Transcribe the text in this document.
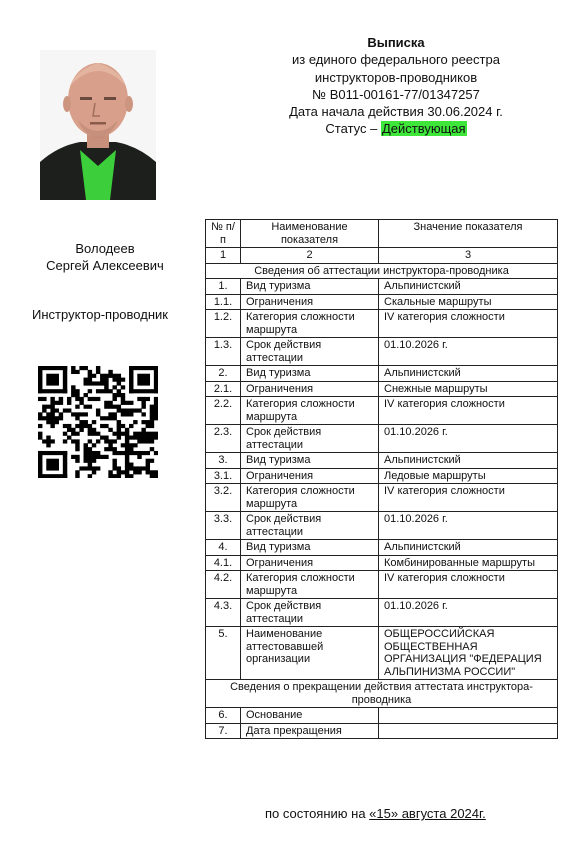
Выписка
из единого федерального реестра
инструкторов-проводников
№ В011-00161-77/01347257
Дата начала действия 30.06.2024 г.
Статус – Действующая
Володеев
Сергей Алексеевич
Инструктор-проводник
№ п/п	Наименование показателя	Значение показателя
1	2	3
Сведения об аттестации инструктора-проводника		
1.	Вид туризма	Альпинистский
1.1.	Ограничения	Скальные маршруты
1.2.	Категория сложности маршрута	IV категория сложности
1.3.	Срок действия аттестации	01.10.2026 г.
2.	Вид туризма	Альпинистский
2.1.	Ограничения	Снежные маршруты
2.2.	Категория сложности маршрута	IV категория сложности
2.3.	Срок действия аттестации	01.10.2026 г.
3.	Вид туризма	Альпинистский
3.1.	Ограничения	Ледовые маршруты
3.2.	Категория сложности маршрута	IV категория сложности
3.3.	Срок действия аттестации	01.10.2026 г.
4.	Вид туризма	Альпинистский
4.1.	Ограничения	Комбинированные маршруты
4.2.	Категория сложности маршрута	IV категория сложности
4.3.	Срок действия аттестации	01.10.2026 г.
5.	Наименование аттестовавшей организации	ОБЩЕРОССИЙСКАЯ ОБЩЕСТВЕННАЯ ОРГАНИЗАЦИЯ "ФЕДЕРАЦИЯ АЛЬПИНИЗМА РОССИИ"
Сведения о прекращении действия аттестата инструктора-проводника		
6.	Основание	
7.	Дата прекращения	
по состоянию на «15» августа 2024г.
